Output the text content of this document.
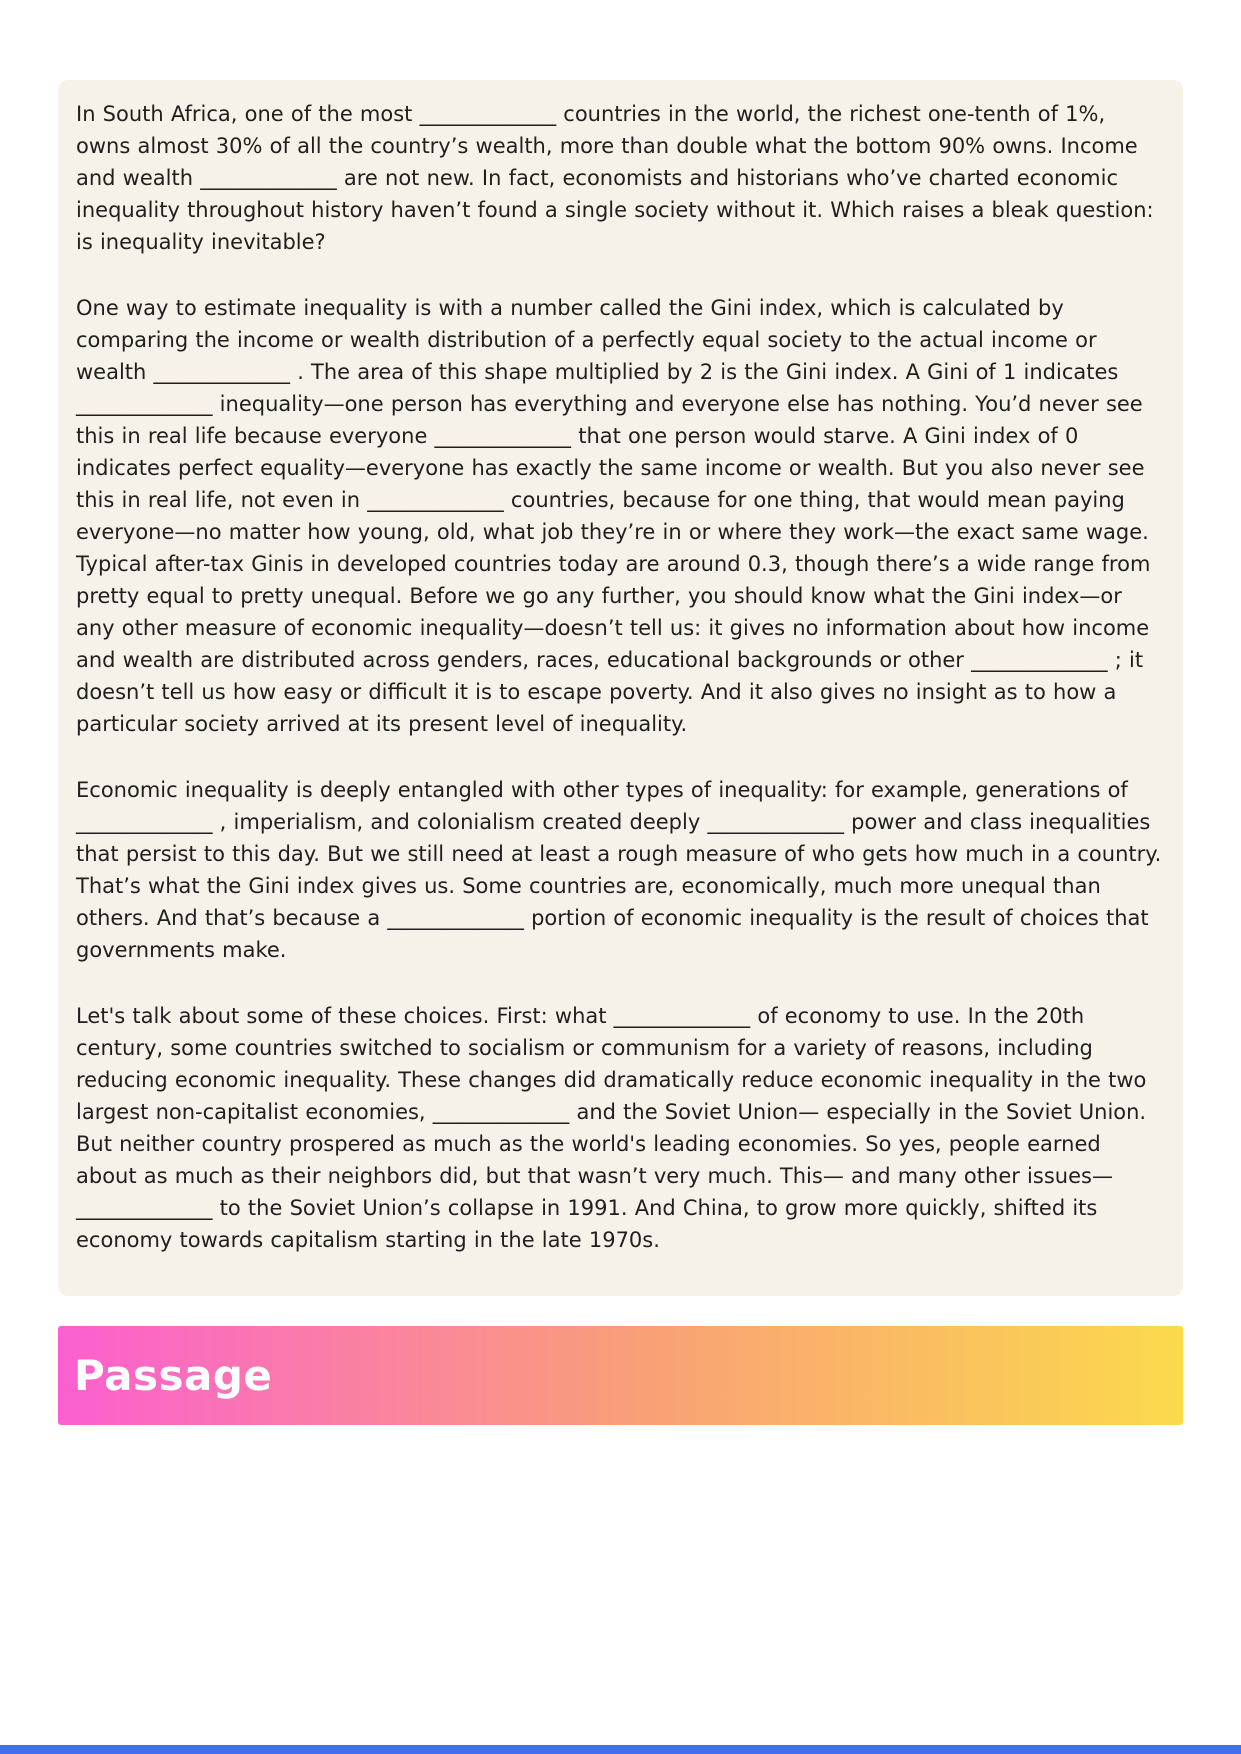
In South Africa, one of the most _____________ countries in the world, the richest one-tenth of 1%, owns almost 30% of all the country’s wealth, more than double what the bottom 90% owns. Income and wealth _____________ are not new. In fact, economists and historians who’ve charted economic inequality throughout history haven’t found a single society without it. Which raises a bleak question: is inequality inevitable?

One way to estimate inequality is with a number called the Gini index, which is calculated by comparing the income or wealth distribution of a perfectly equal society to the actual income or wealth _____________ . The area of this shape multiplied by 2 is the Gini index. A Gini of 1 indicates _____________ inequality—one person has everything and everyone else has nothing. You’d never see this in real life because everyone _____________ that one person would starve. A Gini index of 0 indicates perfect equality—everyone has exactly the same income or wealth. But you also never see this in real life, not even in _____________ countries, because for one thing, that would mean paying everyone—no matter how young, old, what job they’re in or where they work—the exact same wage. Typical after-tax Ginis in developed countries today are around 0.3, though there’s a wide range from pretty equal to pretty unequal. Before we go any further, you should know what the Gini index—or any other measure of economic inequality—doesn’t tell us: it gives no information about how income and wealth are distributed across genders, races, educational backgrounds or other _____________ ; it doesn’t tell us how easy or difficult it is to escape poverty. And it also gives no insight as to how a particular society arrived at its present level of inequality.

Economic inequality is deeply entangled with other types of inequality: for example, generations of _____________ , imperialism, and colonialism created deeply _____________ power and class inequalities that persist to this day. But we still need at least a rough measure of who gets how much in a country. That’s what the Gini index gives us. Some countries are, economically, much more unequal than others. And that’s because a _____________ portion of economic inequality is the result of choices that governments make.

Let's talk about some of these choices. First: what _____________ of economy to use. In the 20th century, some countries switched to socialism or communism for a variety of reasons, including reducing economic inequality. These changes did dramatically reduce economic inequality in the two largest non-capitalist economies, _____________ and the Soviet Union— especially in the Soviet Union. But neither country prospered as much as the world's leading economies. So yes, people earned about as much as their neighbors did, but that wasn’t very much. This— and many other issues— _____________ to the Soviet Union’s collapse in 1991. And China, to grow more quickly, shifted its economy towards capitalism starting in the late 1970s.

Passage
